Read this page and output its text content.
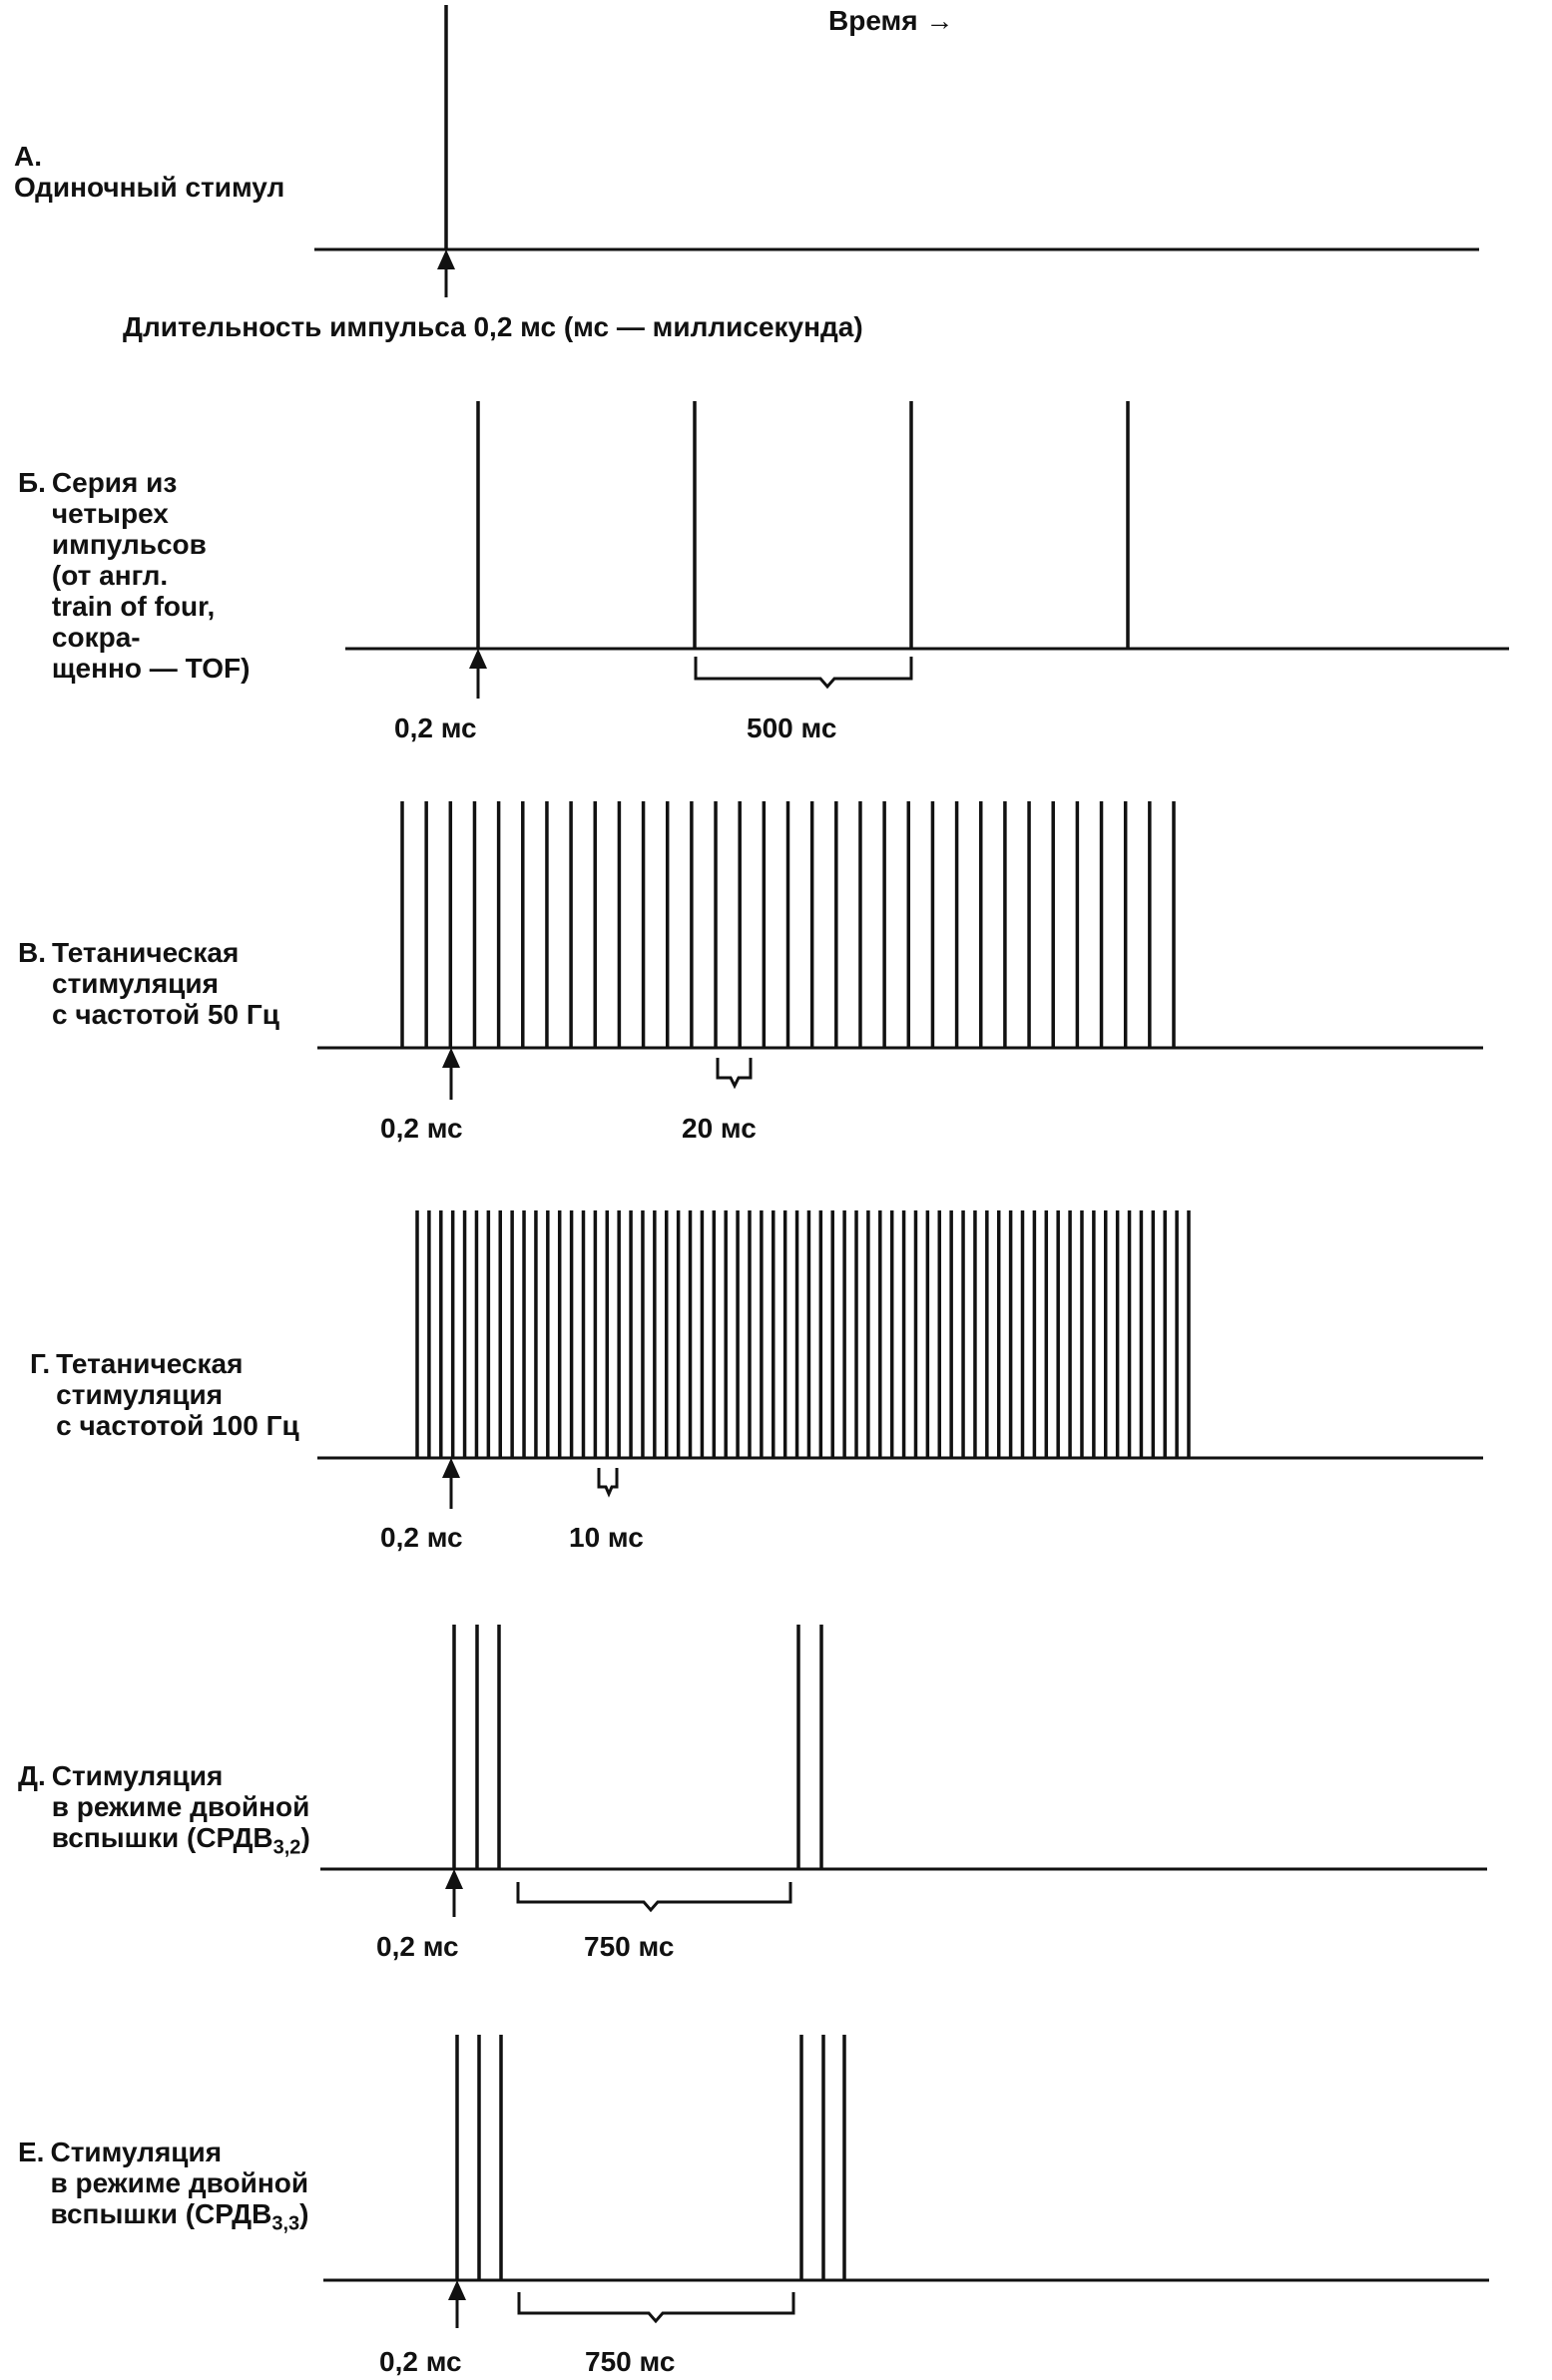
Время →

А.
Одиночный стимул

Б. Серия из
четырех
импульсов
(от англ.
train of four,
сокра-
щенно — TOF)

В. Тетаническая
стимуляция
с частотой 50 Гц

Г. Тетаническая
стимуляция
с частотой 100 Гц

Д. Стимуляция
в режиме двойной
вспышки $(СРДВ_{3,2})$

Е. Стимуляция
в режиме двойной
вспышки $(СРДВ_{3,3})$

Длительность импульса 0,2 мс (мс — миллисекунда)
0,2 мс	500 мс
0,2 мс	20 мс
0,2 мс	10 мс
0,2 мс	750 мс
0,2 мс	750 мс
